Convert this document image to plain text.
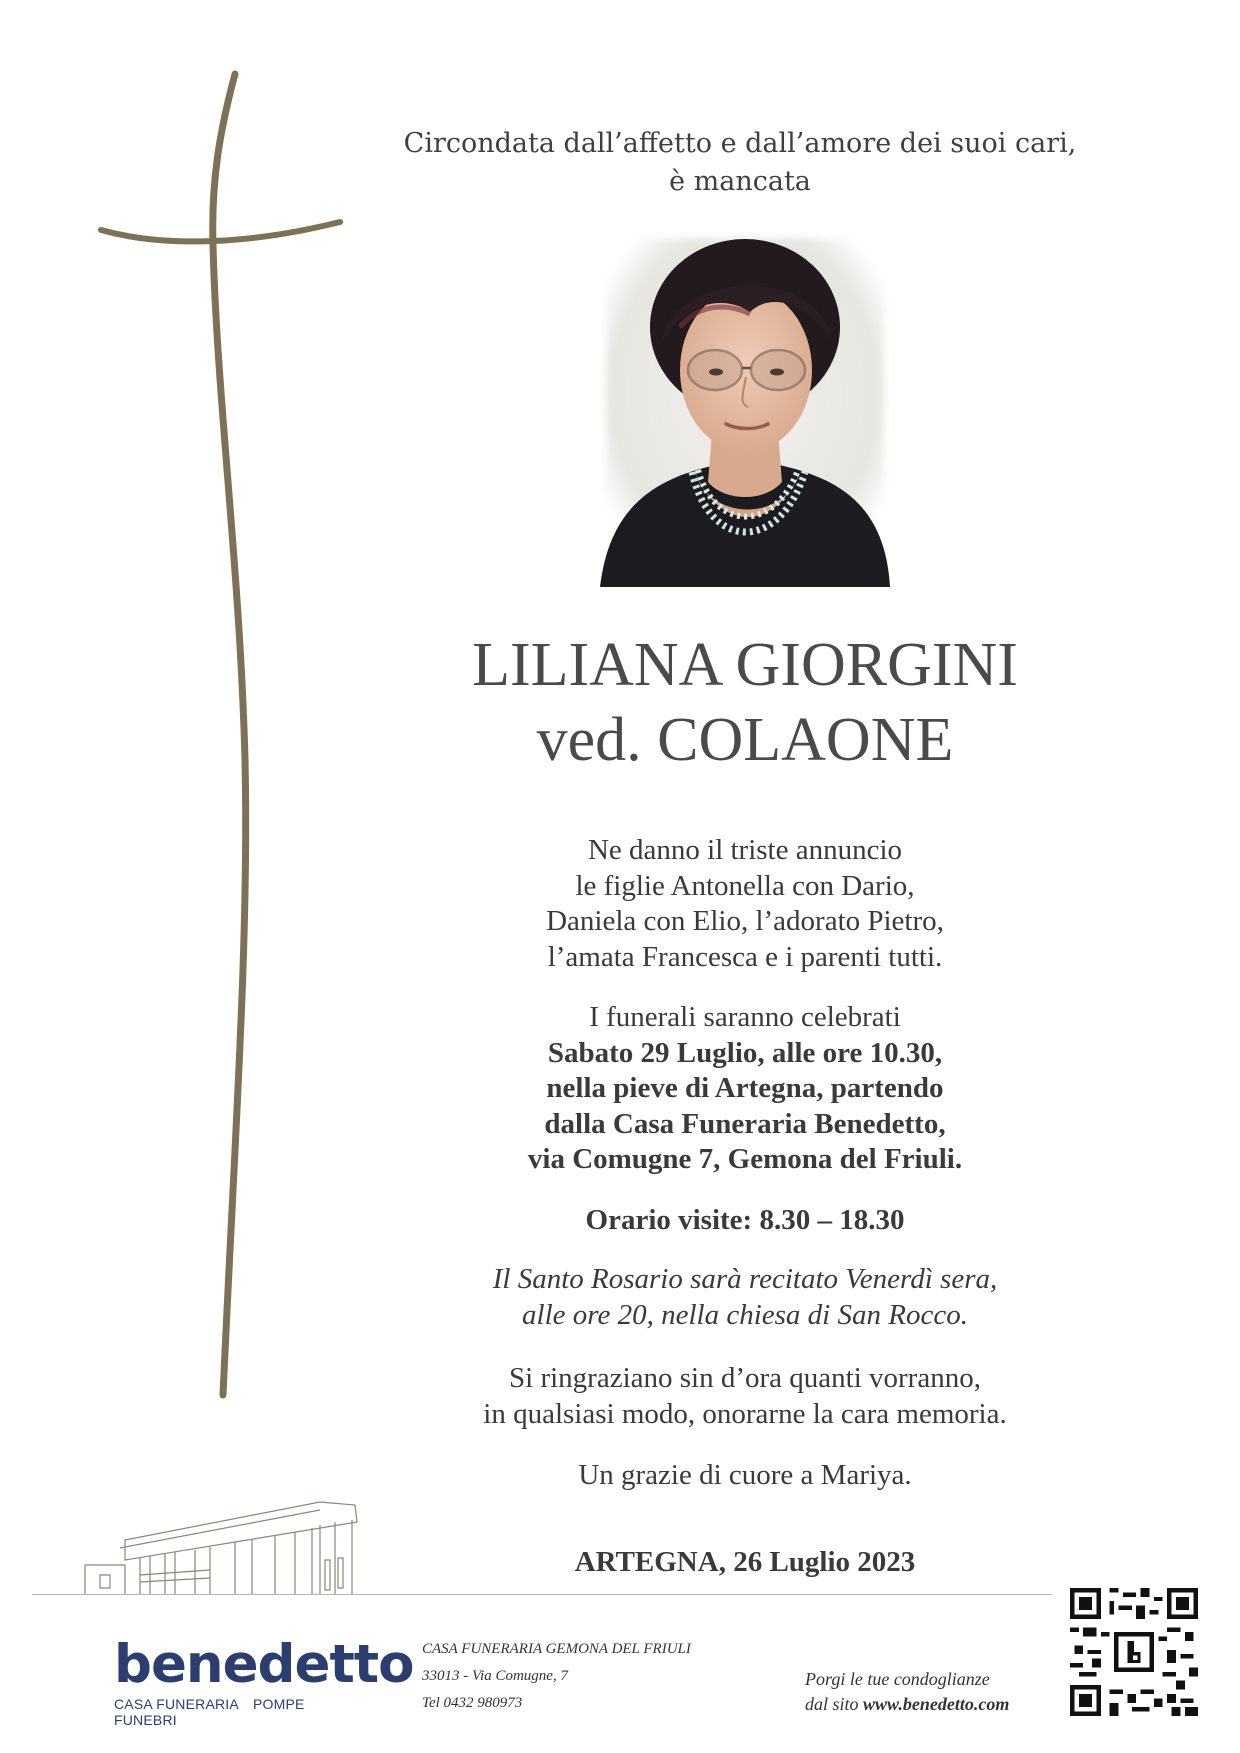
Circondata dall’affetto e dall’amore dei suoi cari,
è mancata
LILIANA GIORGINI
ved. COLAONE
Ne danno il triste annuncio
le figlie Antonella con Dario,
Daniela con Elio, l’adorato Pietro,
l’amata Francesca e i parenti tutti.
I funerali saranno celebrati
Sabato 29 Luglio, alle ore 10.30,
nella pieve di Artegna, partendo
dalla Casa Funeraria Benedetto,
via Comugne 7, Gemona del Friuli.
Orario visite: 8.30 – 18.30
Il Santo Rosario sarà recitato Venerdì sera,
alle ore 20, nella chiesa di San Rocco.
Si ringraziano sin d’ora quanti vorranno,
in qualsiasi modo, onorarne la cara memoria.
Un grazie di cuore a Mariya.
ARTEGNA, 26 Luglio 2023
benedetto
CASA FUNERARIA POMPE FUNEBRI
CASA FUNERARIA GEMONA DEL FRIULI
33013 - Via Comugne, 7
Tel 0432 980973
Porgi le tue condoglianze
dal sito www.benedetto.com
